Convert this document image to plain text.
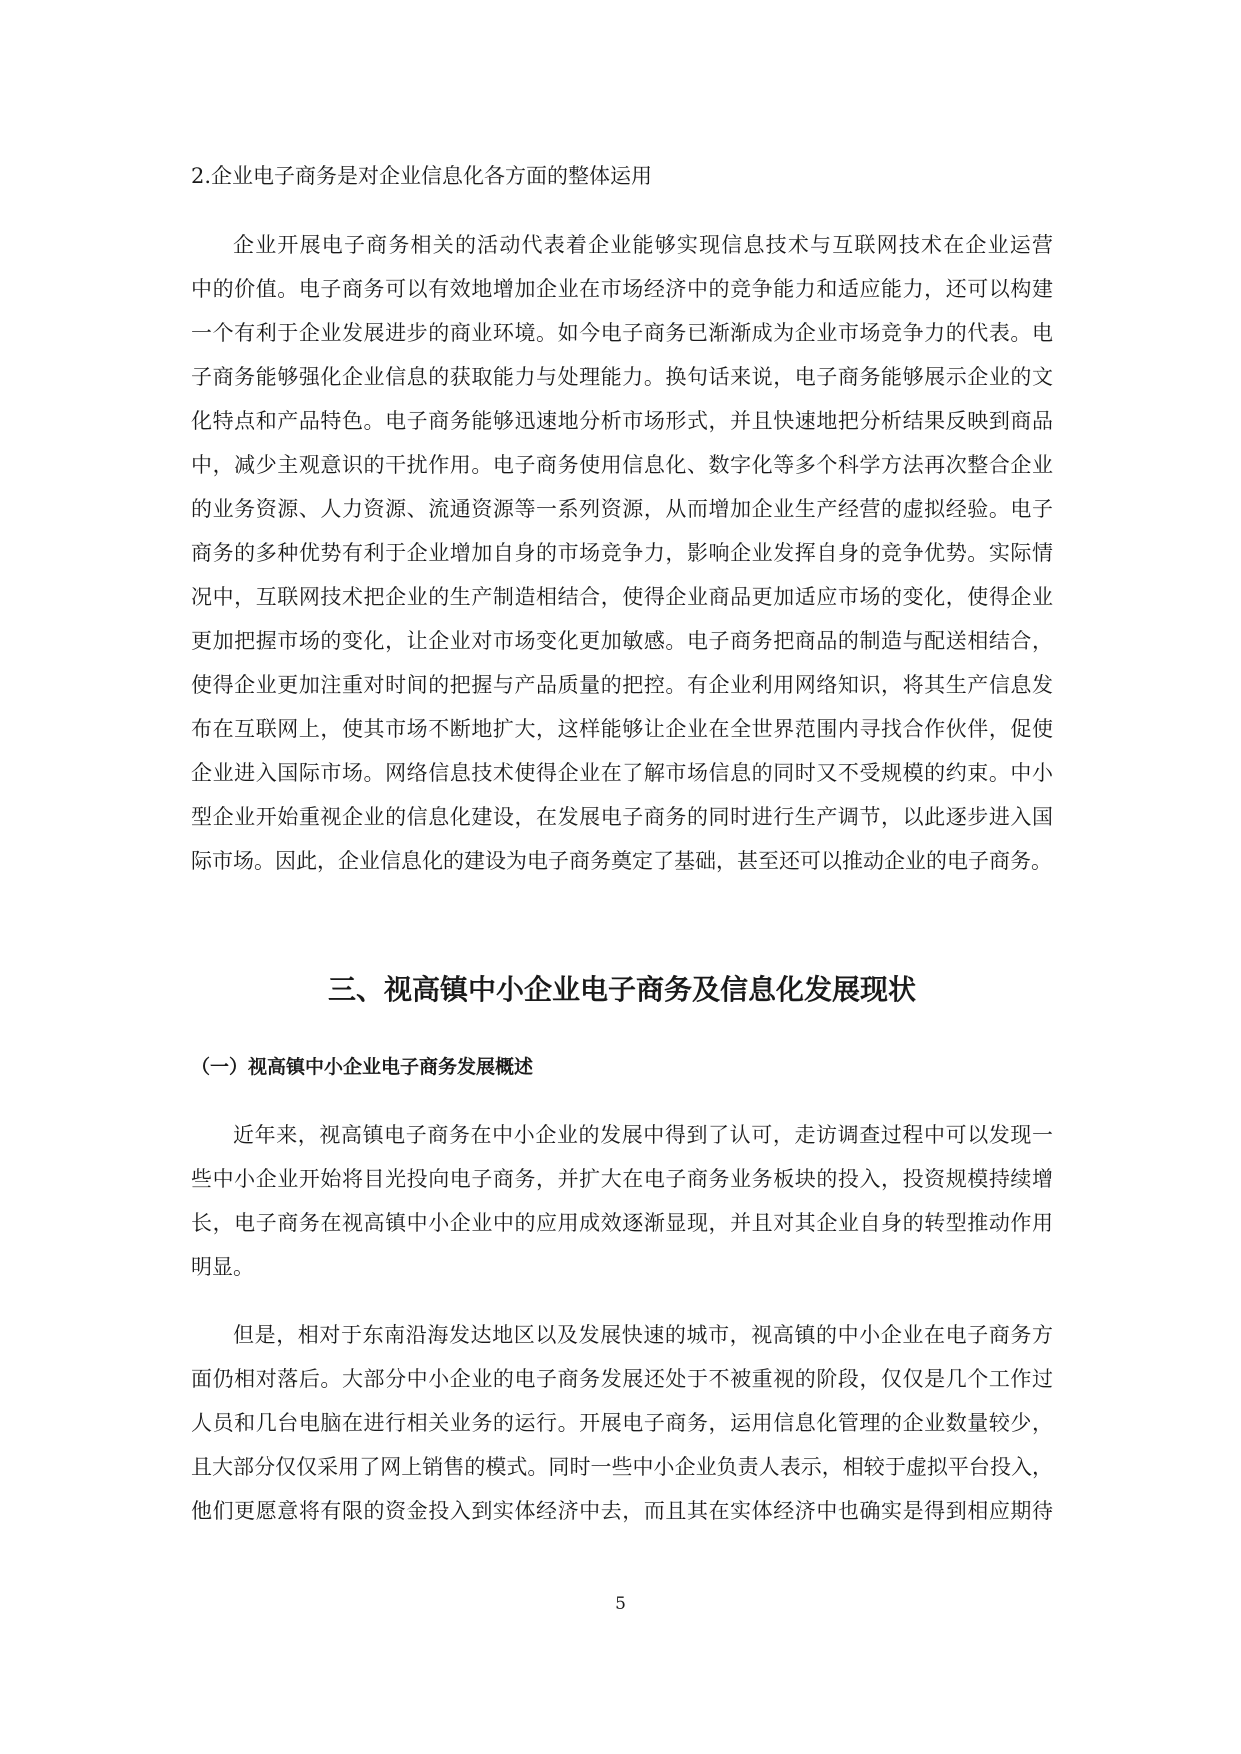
2.企业电子商务是对企业信息化各方面的整体运用
企业开展电子商务相关的活动代表着企业能够实现信息技术与互联网技术在企业运营
中的价值。电子商务可以有效地增加企业在市场经济中的竞争能力和适应能力，还可以构建
一个有利于企业发展进步的商业环境。如今电子商务已渐渐成为企业市场竞争力的代表。电
子商务能够强化企业信息的获取能力与处理能力。换句话来说，电子商务能够展示企业的文
化特点和产品特色。电子商务能够迅速地分析市场形式，并且快速地把分析结果反映到商品
中，减少主观意识的干扰作用。电子商务使用信息化、数字化等多个科学方法再次整合企业
的业务资源、人力资源、流通资源等一系列资源，从而增加企业生产经营的虚拟经验。电子
商务的多种优势有利于企业增加自身的市场竞争力，影响企业发挥自身的竞争优势。实际情
况中，互联网技术把企业的生产制造相结合，使得企业商品更加适应市场的变化，使得企业
更加把握市场的变化，让企业对市场变化更加敏感。电子商务把商品的制造与配送相结合，
使得企业更加注重对时间的把握与产品质量的把控。有企业利用网络知识，将其生产信息发
布在互联网上，使其市场不断地扩大，这样能够让企业在全世界范围内寻找合作伙伴，促使
企业进入国际市场。网络信息技术使得企业在了解市场信息的同时又不受规模的约束。中小
型企业开始重视企业的信息化建设，在发展电子商务的同时进行生产调节，以此逐步进入国
际市场。因此，企业信息化的建设为电子商务奠定了基础，甚至还可以推动企业的电子商务。
三、视高镇中小企业电子商务及信息化发展现状
（一）视高镇中小企业电子商务发展概述
近年来，视高镇电子商务在中小企业的发展中得到了认可，走访调查过程中可以发现一
些中小企业开始将目光投向电子商务，并扩大在电子商务业务板块的投入，投资规模持续增
长，电子商务在视高镇中小企业中的应用成效逐渐显现，并且对其企业自身的转型推动作用
明显。
但是，相对于东南沿海发达地区以及发展快速的城市，视高镇的中小企业在电子商务方
面仍相对落后。大部分中小企业的电子商务发展还处于不被重视的阶段，仅仅是几个工作过
人员和几台电脑在进行相关业务的运行。开展电子商务，运用信息化管理的企业数量较少，
且大部分仅仅采用了网上销售的模式。同时一些中小企业负责人表示，相较于虚拟平台投入，
他们更愿意将有限的资金投入到实体经济中去，而且其在实体经济中也确实是得到相应期待
5
